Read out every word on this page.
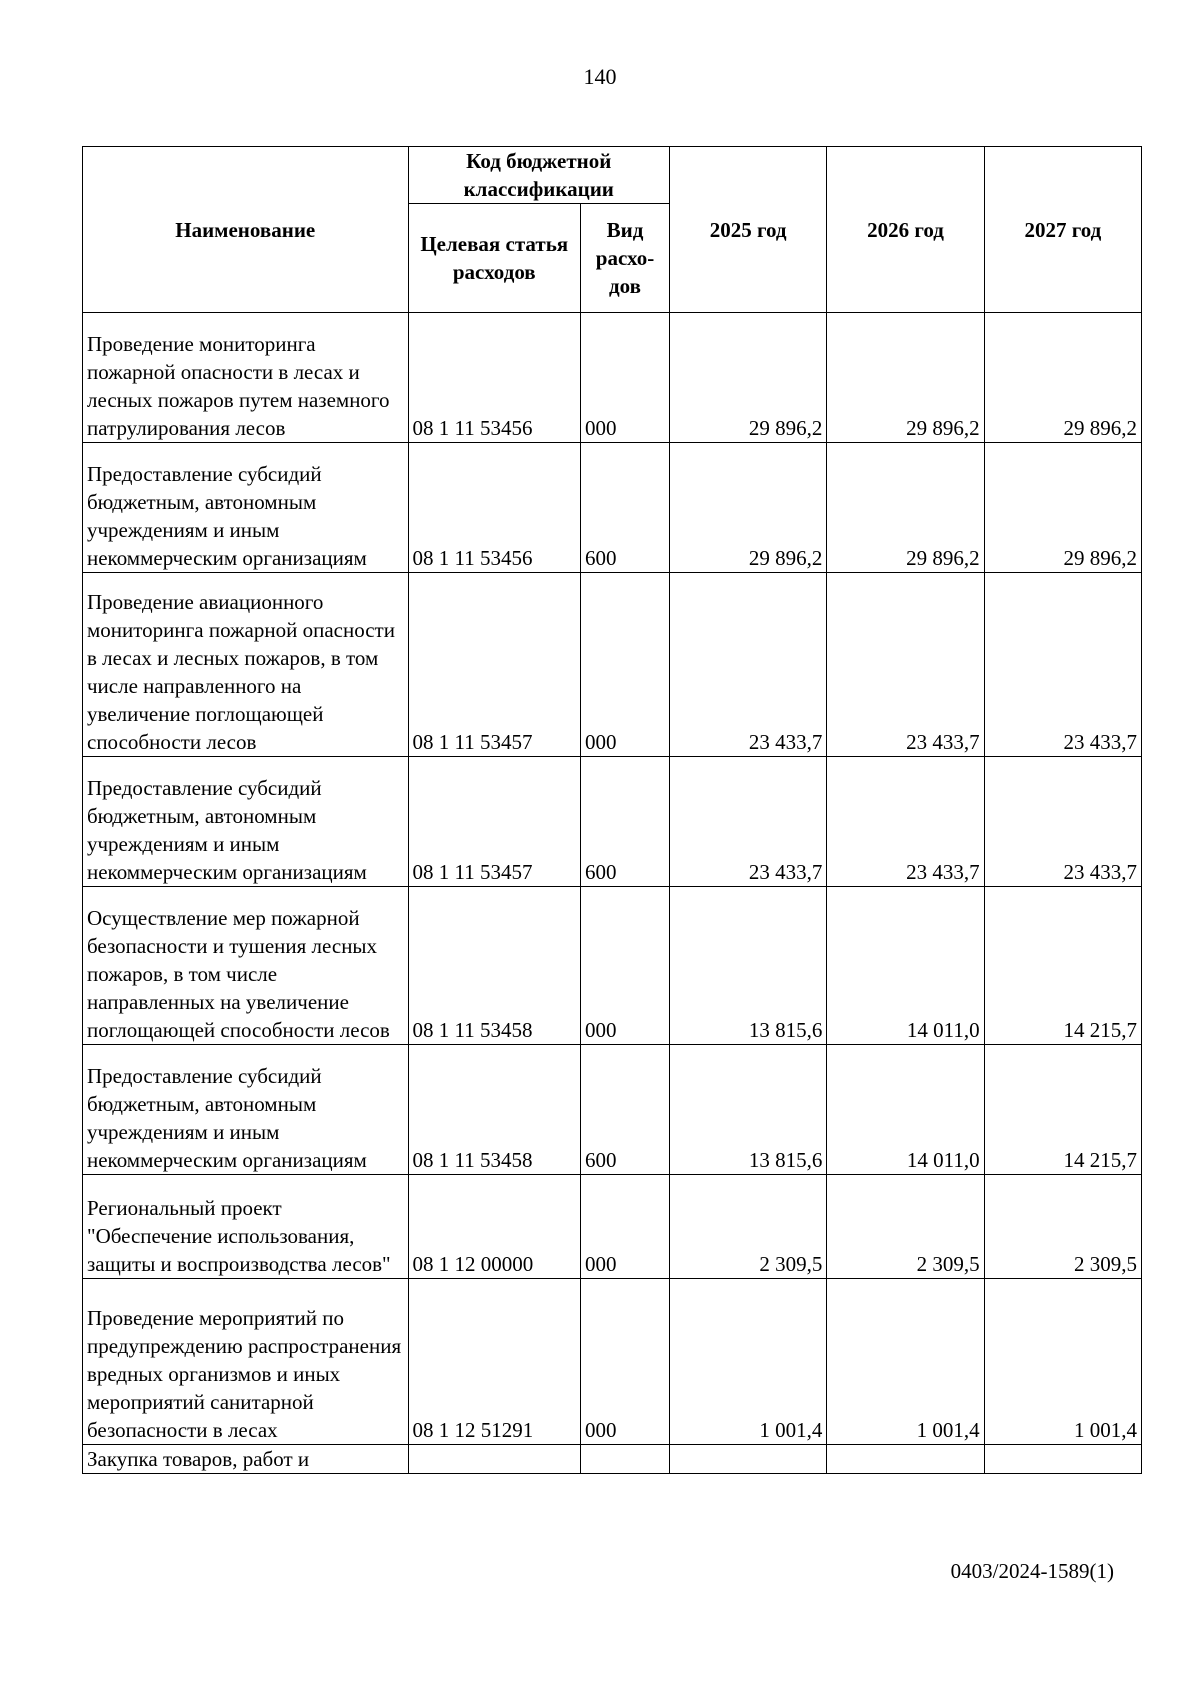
140
Наименование	Код бюджетной классификации		2025 год	2026 год	2027 год
	Целевая статья расходов	Вид расхо-дов			
Проведение мониторинга пожарной опасности в лесах и лесных пожаров путем наземного патрулирования лесов	08 1 11 53456	000	29 896,2	29 896,2	29 896,2
Предоставление субсидий бюджетным, автономным учреждениям и иным некоммерческим организациям	08 1 11 53456	600	29 896,2	29 896,2	29 896,2
Проведение авиационного мониторинга пожарной опасности в лесах и лесных пожаров, в том числе направленного на увеличение поглощающей способности лесов	08 1 11 53457	000	23 433,7	23 433,7	23 433,7
Предоставление субсидий бюджетным, автономным учреждениям и иным некоммерческим организациям	08 1 11 53457	600	23 433,7	23 433,7	23 433,7
Осуществление мер пожарной безопасности и тушения лесных пожаров, в том числе направленных на увеличение поглощающей способности лесов	08 1 11 53458	000	13 815,6	14 011,0	14 215,7
Предоставление субсидий бюджетным, автономным учреждениям и иным некоммерческим организациям	08 1 11 53458	600	13 815,6	14 011,0	14 215,7
Региональный проект "Обеспечение использования, защиты и воспроизводства лесов"	08 1 12 00000	000	2 309,5	2 309,5	2 309,5
Проведение мероприятий по предупреждению распространения вредных организмов и иных мероприятий санитарной безопасности в лесах	08 1 12 51291	000	1 001,4	1 001,4	1 001,4
Закупка товаров, работ и					
0403/2024-1589(1)
